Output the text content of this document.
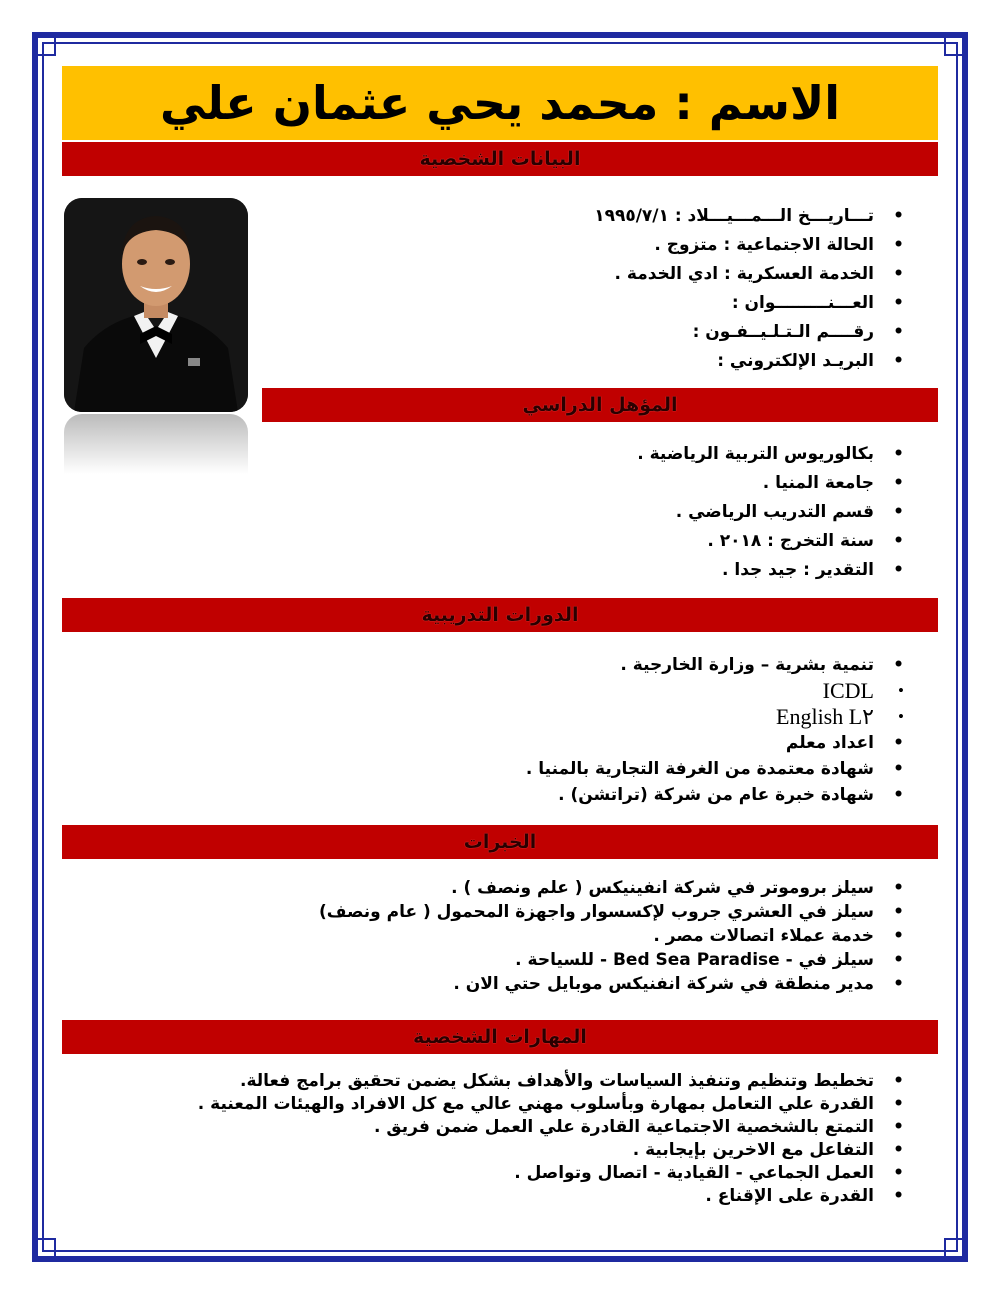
الاسم : محمد يحي عثمان علي
البيانات الشخصية
• تـــاريـــخ الـــمـــيـــلاد : ١٩٩٥/٧/١
• الحالة الاجتماعية : متزوج .
• الخدمة العسكرية : ادي الخدمة .
• العـــنـــــــــوان :
• رقــــم الـتـلـيــفـون :
• البريـد الإلكتروني :
المؤهل الدراسي
• بكالوريوس التربية الرياضية .
• جامعة المنيا .
• قسم التدريب الرياضي .
• سنة التخرج : ٢٠١٨ .
• التقدير : جيد جدا .
الدورات التدريبية
• تنمية بشرية – وزارة الخارجية .
• ICDL
• English L٢
• اعداد معلم
• شهادة معتمدة من الغرفة التجارية بالمنيا .
• شهادة خبرة عام من شركة (تراتشن) .
الخبرات
• سيلز بروموتر في شركة انفينيكس ( علم ونصف ) .
• سيلز في العشري جروب لإكسسوار واجهزة المحمول ( عام ونصف)
• خدمة عملاء اتصالات مصر .
• سيلز في - Bed Sea Paradise - للسياحة .
• مدير منطقة في شركة انفنيكس موبايل حتي الان .
المهارات الشخصية
• تخطيط وتنظيم وتنفيذ السياسات والأهداف بشكل يضمن تحقيق برامج فعالة.
• القدرة علي التعامل بمهارة وبأسلوب مهني عالي مع كل الافراد والهيئات المعنية .
• التمتع بالشخصية الاجتماعية القادرة علي العمل ضمن فريق .
• التفاعل مع الاخرين بإيجابية .
• العمل الجماعي - القيادية - اتصال وتواصل .
• القدرة على الإقناع .
